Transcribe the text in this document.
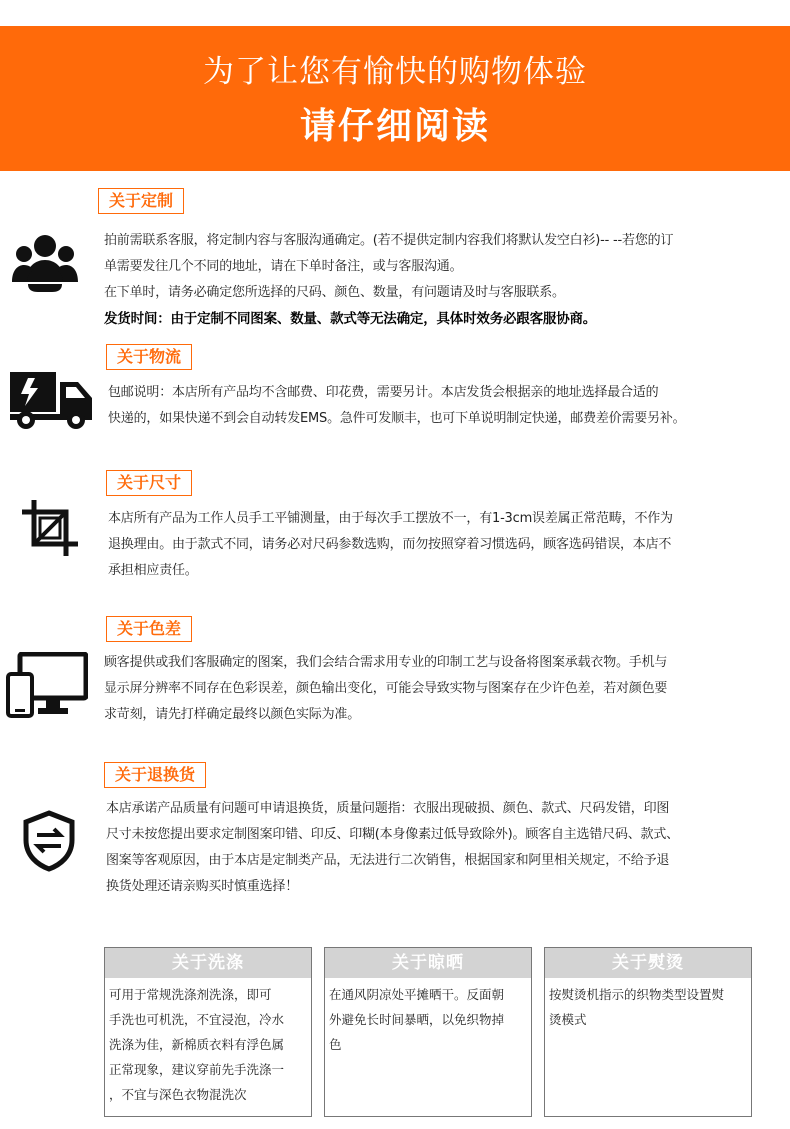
为了让您有愉快的购物体验
请仔细阅读
关于定制

拍前需联系客服，将定制内容与客服沟通确定。(若不提供定制内容我们将默认发空白衫)-- --若您的订

单需要发往几个不同的地址，请在下单时备注，或与客服沟通。

在下单时，请务必确定您所选择的尺码、颜色、数量，有问题请及时与客服联系。

发货时间：由于定制不同图案、数量、款式等无法确定，具体时效务必跟客服协商。

关于物流

包邮说明：本店所有产品均不含邮费、印花费，需要另计。本店发货会根据亲的地址选择最合适的

快递的，如果快递不到会自动转发EMS。急件可发顺丰，也可下单说明制定快递，邮费差价需要另补。

关于尺寸

本店所有产品为工作人员手工平铺测量，由于每次手工摆放不一，有1-3cm误差属正常范畴，不作为

退换理由。由于款式不同，请务必对尺码参数选购，而勿按照穿着习惯选码，顾客选码错误，本店不

承担相应责任。

关于色差

顾客提供或我们客服确定的图案，我们会结合需求用专业的印制工艺与设备将图案承载衣物。手机与

显示屏分辨率不同存在色彩误差，颜色输出变化，可能会导致实物与图案存在少许色差，若对颜色要

求苛刻，请先打样确定最终以颜色实际为准。

关于退换货

本店承诺产品质量有问题可申请退换货，质量问题指：衣服出现破损、颜色、款式、尺码发错，印图

尺寸未按您提出要求定制图案印错、印反、印糊(本身像素过低导致除外)。顾客自主选错尺码、款式、

图案等客观原因，由于本店是定制类产品，无法进行二次销售，根据国家和阿里相关规定，不给予退

换货处理还请亲购买时慎重选择！

关于洗涤
可用于常规洗涤剂洗涤，即可
手洗也可机洗，不宜浸泡，冷水
洗涤为佳，新棉质衣料有浮色属
正常现象，建议穿前先手洗涤一
，不宜与深色衣物混洗次
关于晾晒
在通风阴凉处平摊晒干。反面朝
外避免长时间暴晒，以免织物掉
色
关于熨烫
按熨烫机指示的织物类型设置熨
烫模式
